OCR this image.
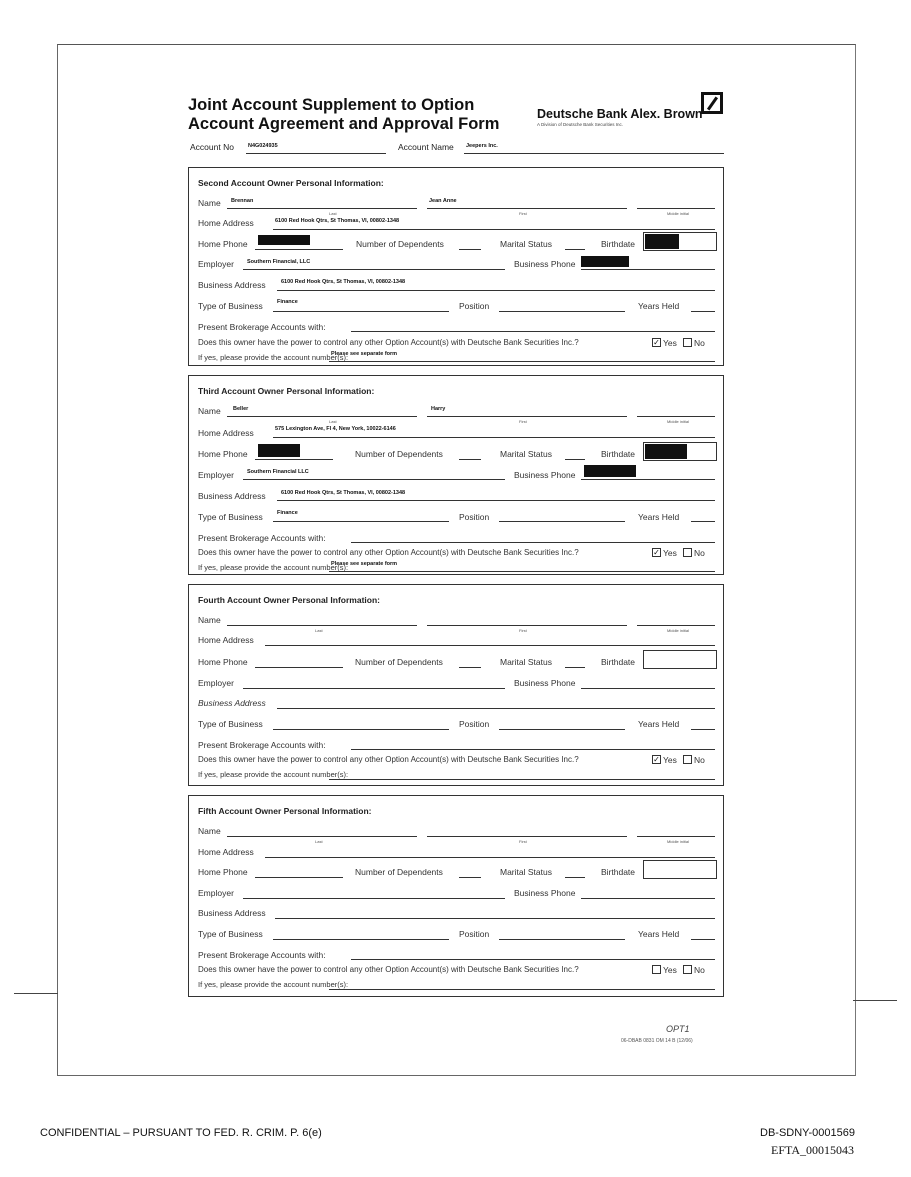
Joint Account Supplement to Option
Account Agreement and Approval Form
Deutsche Bank Alex. Brown
A Division of Deutsche Bank Securities Inc.
Account No	N4G024935	Account Name Jeepers Inc.
Second Account Owner Personal Information:
Name Brennan	Jean Anne
Last	First	Middle initial
Home Address	6100 Red Hook Qtrs, St Thomas, VI, 00802-1348
Home Phone	Number of Dependents	Marital Status	Birthdate
Employer Southern Financial, LLC	Business Phone
Business Address	6100 Red Hook Qtrs, St Thomas, VI, 00802-1348
Type of Business	Finance	Position	Years Held
Present Brokerage Accounts with:
Does this owner have the power to control any other Option Account(s) with Deutsche Bank Securities Inc.?	✓ Yes No
If yes, please provide the account number(s):
Please see separate form
Third Account Owner Personal Information:
Name Beller	Harry
Last	First	Middle initial
Home Address	575 Lexington Ave, Fl 4, New York, 10022-6146
Home Phone	Number of Dependents	Marital Status	Birthdate
Employer Southern Financial LLC	Business Phone
Business Address	6100 Red Hook Qtrs, St Thomas, VI, 00802-1348
Type of Business	Finance	Position	Years Held
Present Brokerage Accounts with:
Does this owner have the power to control any other Option Account(s) with Deutsche Bank Securities Inc.?	✓ Yes No
If yes, please provide the account number(s):
Please see separate form
Fourth Account Owner Personal Information:
Name
Last	First	Middle initial
Home Address
Home Phone	Number of Dependents	Marital Status	Birthdate
Employer	Business Phone
Business Address
Type of Business	Position	Years Held
Present Brokerage Accounts with:
Does this owner have the power to control any other Option Account(s) with Deutsche Bank Securities Inc.?	✓ Yes No
If yes, please provide the account number(s):
Fifth Account Owner Personal Information:
Name
Last	First	Middle initial
Home Address
Home Phone	Number of Dependents	Marital Status	Birthdate
Employer	Business Phone
Business Address
Type of Business	Position	Years Held
Present Brokerage Accounts with:
Does this owner have the power to control any other Option Account(s) with Deutsche Bank Securities Inc.?	Yes No
If yes, please provide the account number(s):
OPT1
06-DBAB 0831 OM 14 B (12/06)
CONFIDENTIAL – PURSUANT TO FED. R. CRIM. P. 6(e)	DB-SDNY-0001569
EFTA_00015043
